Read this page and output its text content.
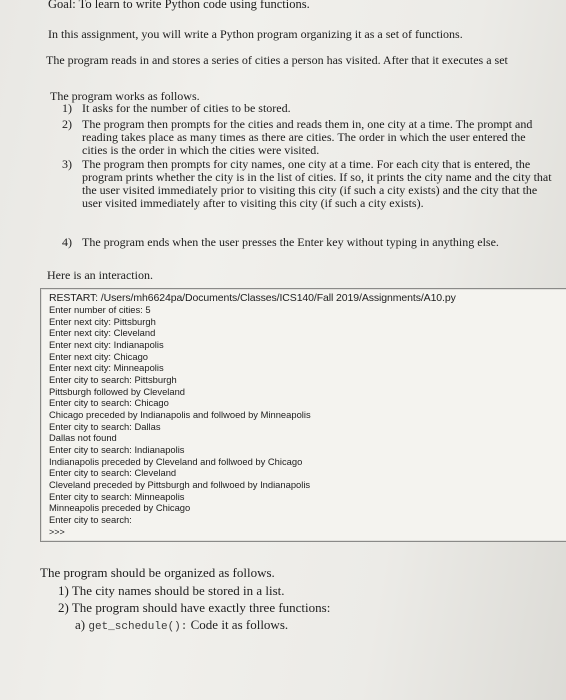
Goal: To learn to write Python code using functions.
In this assignment, you will write a Python program organizing it as a set of functions.
The program reads in and stores a series of cities a person has visited. After that it executes a set
The program works as follows.
1) It asks for the number of cities to be stored.
2) The program then prompts for the cities and reads them in, one city at a time. The prompt and reading takes place as many times as there are cities. The order in which the user entered the cities is the order in which the cities were visited.
3) The program then prompts for city names, one city at a time. For each city that is entered, the program prints whether the city is in the list of cities. If so, it prints the city name and the city that the user visited immediately prior to visiting this city (if such a city exists) and the city that the user visited immediately after to visiting this city (if such a city exists).
4) The program ends when the user presses the Enter key without typing in anything else.
Here is an interaction.
RESTART: /Users/mh6624pa/Documents/Classes/ICS140/Fall 2019/Assignments/A10.py
Enter number of cities: 5
Enter next city: Pittsburgh
Enter next city: Cleveland
Enter next city: Indianapolis
Enter next city: Chicago
Enter next city: Minneapolis
Enter city to search: Pittsburgh
Pittsburgh followed by Cleveland
Enter city to search: Chicago
Chicago preceded by Indianapolis and follwoed by Minneapolis
Enter city to search: Dallas
Dallas not found
Enter city to search: Indianapolis
Indianapolis preceded by Cleveland and follwoed by Chicago
Enter city to search: Cleveland
Cleveland preceded by Pittsburgh and follwoed by Indianapolis
Enter city to search: Minneapolis
Minneapolis preceded by Chicago
Enter city to search:
>>>
The program should be organized as follows.
1) The city names should be stored in a list.
2) The program should have exactly three functions:
a) get_schedule(): Code it as follows.
